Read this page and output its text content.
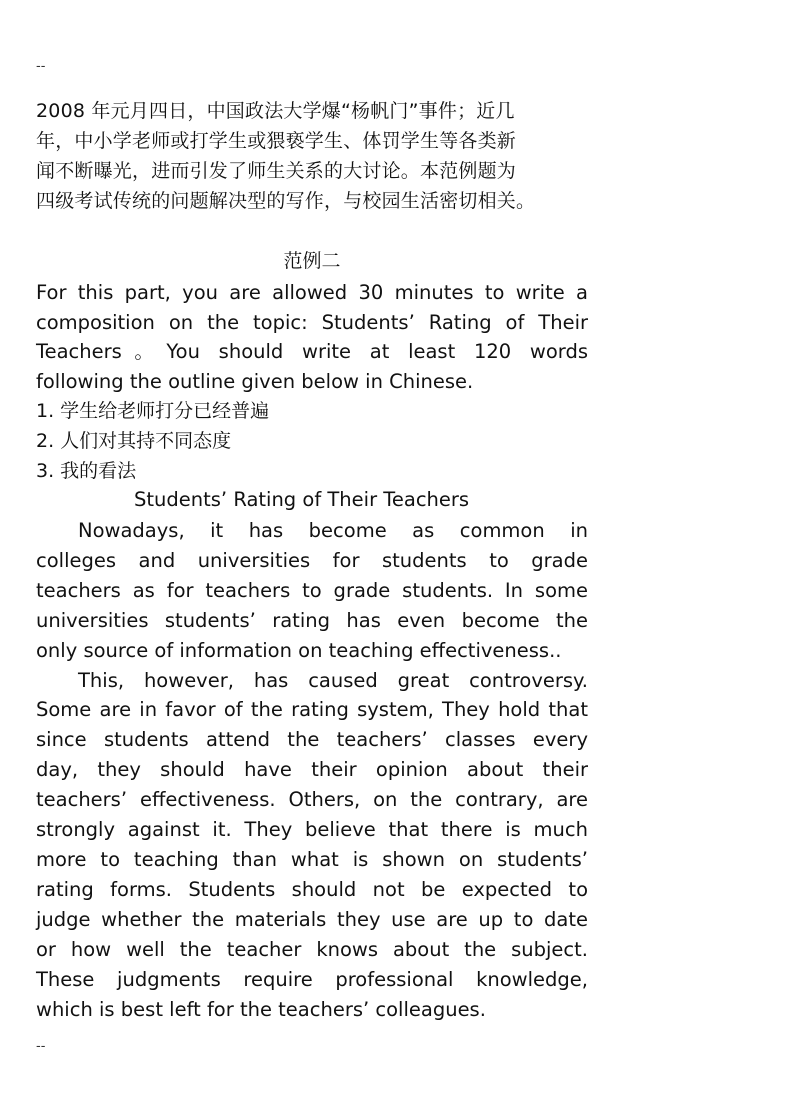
--
2008 年元月四日，中国政法大学爆“杨帆门”事件；近几
年，中小学老师或打学生或猥亵学生、体罚学生等各类新
闻不断曝光，进而引发了师生关系的大讨论。本范例题为
四级考试传统的问题解决型的写作，与校园生活密切相关。
范例二
For this part, you are allowed 30 minutes to write a
composition on the topic: Students’ Rating of Their
Teachers。You should write at least 120 words
following the outline given below in Chinese.
1. 学生给老师打分已经普遍
2. 人们对其持不同态度
3. 我的看法
Students’ Rating of Their Teachers
Nowadays, it has become as common in
colleges and universities for students to grade
teachers as for teachers to grade students. In some
universities students’ rating has even become the
only source of information on teaching effectiveness..
This, however, has caused great controversy.
Some are in favor of the rating system, They hold that
since students attend the teachers’ classes every
day, they should have their opinion about their
teachers’ effectiveness. Others, on the contrary, are
strongly against it. They believe that there is much
more to teaching than what is shown on students’
rating forms. Students should not be expected to
judge whether the materials they use are up to date
or how well the teacher knows about the subject.
These judgments require professional knowledge,
which is best left for the teachers’ colleagues.
--
